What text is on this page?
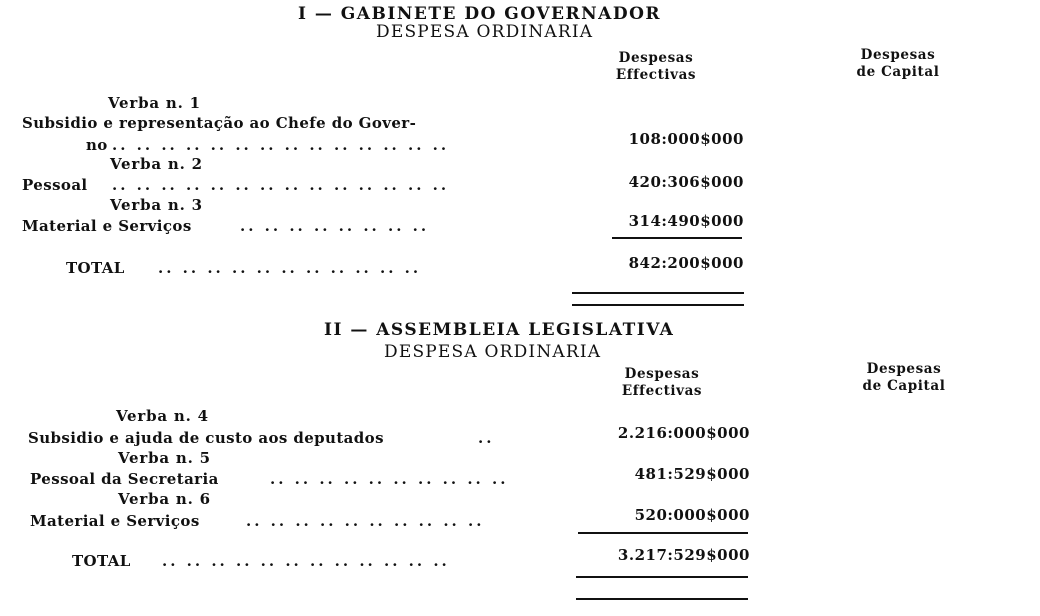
I — GABINETE DO GOVERNADOR
DESPESA ORDINARIA
Despesas
Effectivas
Despesas
de Capital
Verba n. 1
Subsidio e representação ao Chefe do Gover-
no .. .. .. .. .. .. .. .. .. .. .. .. .. ..	108:000$000
Verba n. 2
Pessoal .. .. .. .. .. .. .. .. .. .. .. .. .. ..	420:306$000
Verba n. 3
Material e Serviços	.. .. .. .. .. .. .. ..	314:490$000
TOTAL .. .. .. .. .. .. .. .. .. .. ..	842:200$000
II — ASSEMBLEIA LEGISLATIVA
DESPESA ORDINARIA
Despesas
Effectivas
Despesas
de Capital
Verba n. 4
Subsidio e ajuda de custo aos deputados	..	2.216:000$000
Verba n. 5
Pessoal da Secretaria	.. .. .. .. .. .. .. .. .. ..	481:529$000
Verba n. 6
Material e Serviços	.. .. .. .. .. .. .. .. .. ..	520:000$000
TOTAL .. .. .. .. .. .. .. .. .. .. .. ..	3.217:529$000
